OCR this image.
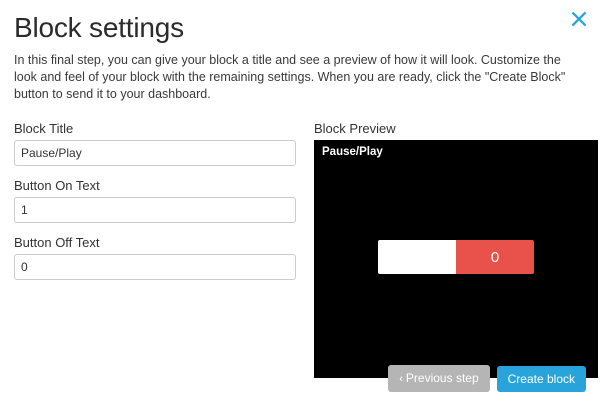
Block settings

In this final step, you can give your block a title and see a preview of how it will look. Customize the look and feel of your block with the remaining settings. When you are ready, click the "Create Block" button to send it to your dashboard.

Block Title
Pause/Play
Button On Text
1
Button Off Text
0
Block Preview
Pause/Play
0
‹ Previous step	Create block
